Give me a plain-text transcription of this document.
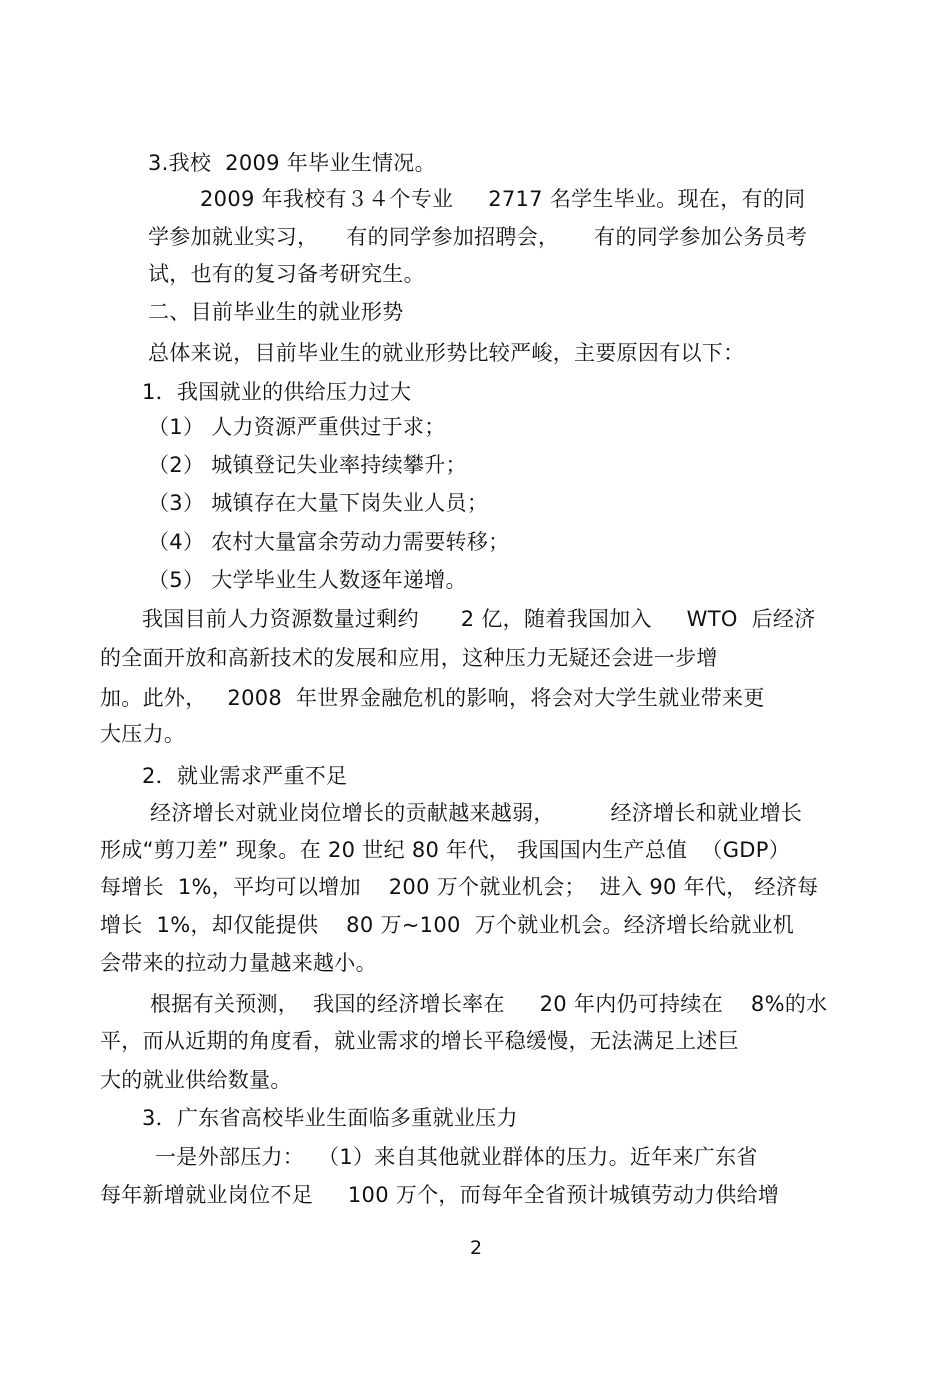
3.我校  2009 年毕业生情况。
2009 年我校有３４个专业     2717 名学生毕业。现在，有的同
学参加就业实习，    有的同学参加招聘会，     有的同学参加公务员考
试，也有的复习备考研究生。
二、目前毕业生的就业形势
总体来说，目前毕业生的就业形势比较严峻，主要原因有以下：
1．我国就业的供给压力过大
（1） 人力资源严重供过于求；
（2） 城镇登记失业率持续攀升；
（3） 城镇存在大量下岗失业人员；
（4） 农村大量富余劳动力需要转移；
（5） 大学毕业生人数逐年递增。
我国目前人力资源数量过剩约      2 亿，随着我国加入     WTO  后经济
的全面开放和高新技术的发展和应用，这种压力无疑还会进一步增
加。此外，   2008  年世界金融危机的影响，将会对大学生就业带来更
大压力。
2．就业需求严重不足
经济增长对就业岗位增长的贡献越来越弱，        经济增长和就业增长
形成“剪刀差” 现象。在 20 世纪 80 年代， 我国国内生产总值  （GDP）
每增长  1%，平均可以增加    200 万个就业机会；  进入 90 年代， 经济每
增长  1%，却仅能提供    80 万~100  万个就业机会。经济增长给就业机
会带来的拉动力量越来越小。
根据有关预测，  我国的经济增长率在     20 年内仍可持续在    8%的水
平，而从近期的角度看，就业需求的增长平稳缓慢，无法满足上述巨
大的就业供给数量。
3．广东省高校毕业生面临多重就业压力
一是外部压力：  （1）来自其他就业群体的压力。近年来广东省
每年新增就业岗位不足     100 万个，而每年全省预计城镇劳动力供给增
2
